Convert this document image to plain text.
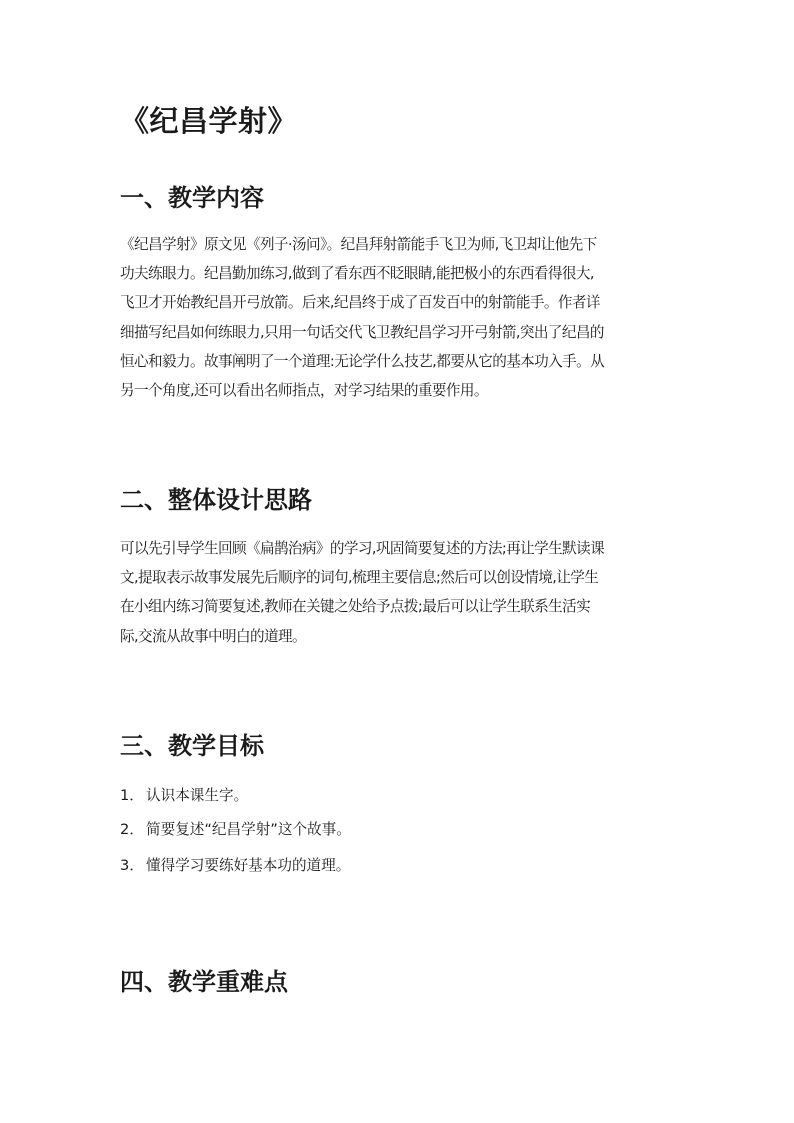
《纪昌学射》
一、教学内容
《纪昌学射》原文见《列子·汤问》。纪昌拜射箭能手飞卫为师,飞卫却让他先下
功夫练眼力。纪昌勤加练习,做到了看东西不眨眼睛,能把极小的东西看得很大,
飞卫才开始教纪昌开弓放箭。后来,纪昌终于成了百发百中的射箭能手。作者详
细描写纪昌如何练眼力,只用一句话交代飞卫教纪昌学习开弓射箭,突出了纪昌的
恒心和毅力。故事阐明了一个道理:无论学什么技艺,都要从它的基本功入手。从
另一个角度,还可以看出名师指点，对学习结果的重要作用。
二、整体设计思路
可以先引导学生回顾《扁鹊治病》的学习,巩固简要复述的方法;再让学生默读课
文,提取表示故事发展先后顺序的词句,梳理主要信息;然后可以创设情境,让学生
在小组内练习简要复述,教师在关键之处给予点拨;最后可以让学生联系生活实
际,交流从故事中明白的道理。
三、教学目标
1． 认识本课生字。
2． 简要复述“纪昌学射”这个故事。
3． 懂得学习要练好基本功的道理。
四、教学重难点
